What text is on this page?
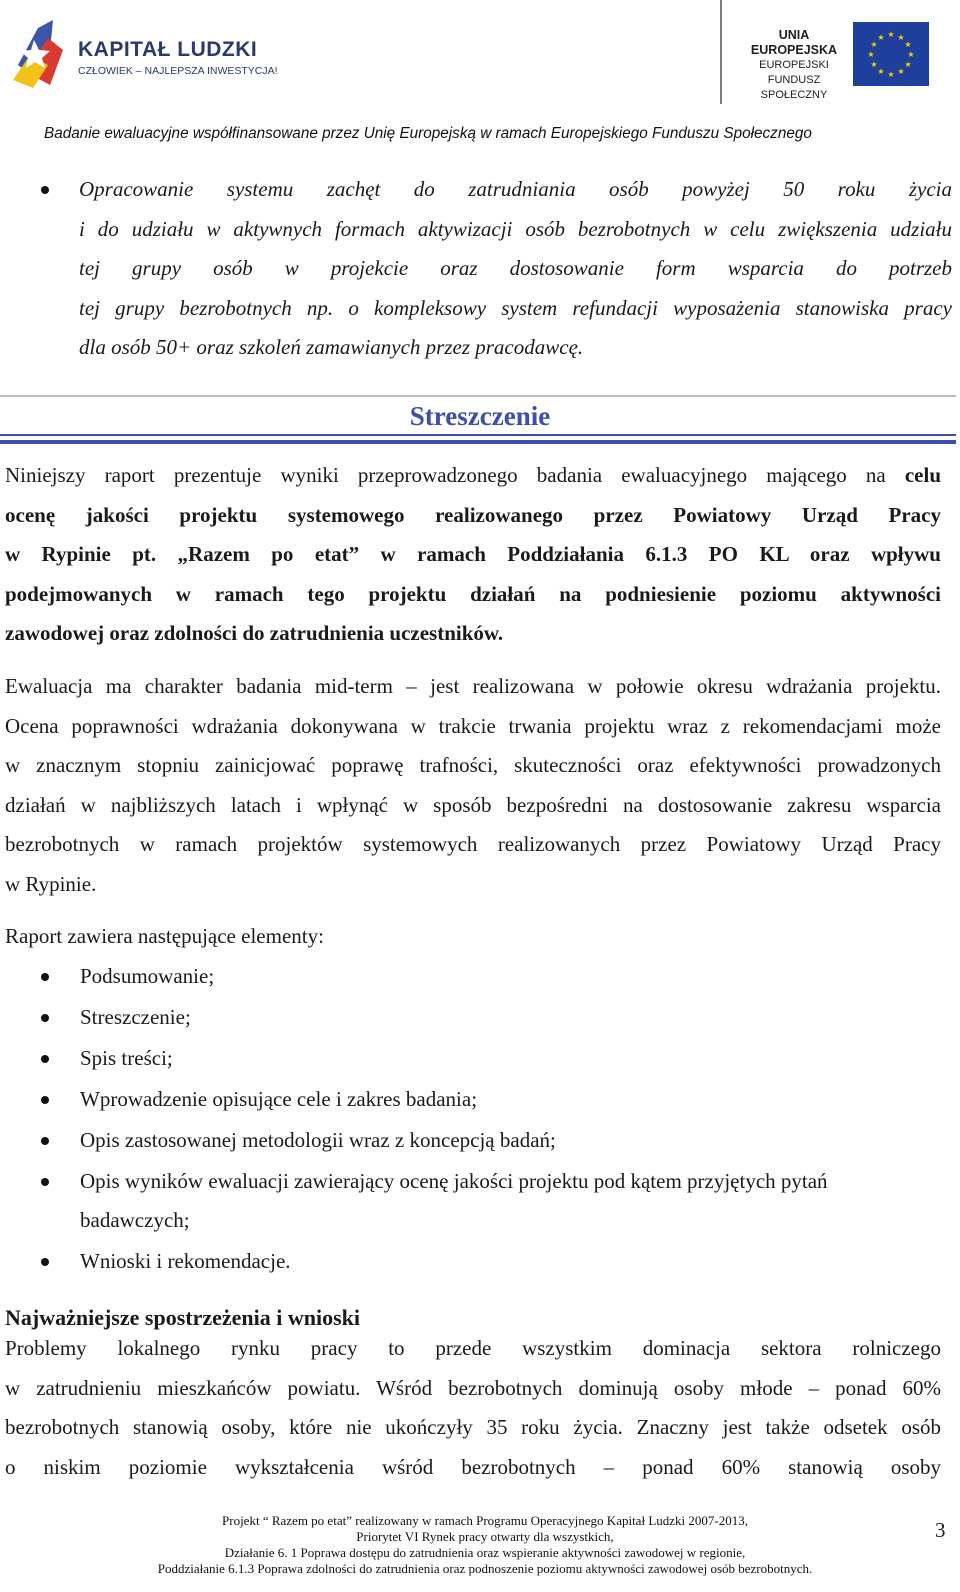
KAPITAŁ LUDZKI
CZŁOWIEK – NAJLEPSZA INWESTYCJA!
UNIA EUROPEJSKA
EUROPEJSKI
FUNDUSZ SPOŁECZNY
★ ★
★
★
★
★
★
★
★
★
★
★
Badanie ewaluacyjne współfinansowane przez Unię Europejską w ramach Europejskiego Funduszu Społecznego
Opracowanie systemu zachęt do zatrudniania osób powyżej 50 roku życia
i do udziału w aktywnych formach aktywizacji osób bezrobotnych w celu zwiększenia udziału
tej grupy osób w projekcie oraz dostosowanie form wsparcia do potrzeb
tej grupy bezrobotnych np. o kompleksowy system refundacji wyposażenia stanowiska pracy
dla osób 50+ oraz szkoleń zamawianych przez pracodawcę.
Streszczenie
Niniejszy raport prezentuje wyniki przeprowadzonego badania ewaluacyjnego mającego na celu
ocenę jakości projektu systemowego realizowanego przez Powiatowy Urząd Pracy
w Rypinie pt. „Razem po etat” w ramach Poddziałania 6.1.3 PO KL oraz wpływu
podejmowanych w ramach tego projektu działań na podniesienie poziomu aktywności
zawodowej oraz zdolności do zatrudnienia uczestników.
Ewaluacja ma charakter badania mid-term – jest realizowana w połowie okresu wdrażania projektu.
Ocena poprawności wdrażania dokonywana w trakcie trwania projektu wraz z rekomendacjami może
w znacznym stopniu zainicjować poprawę trafności, skuteczności oraz efektywności prowadzonych
działań w najbliższych latach i wpłynąć w sposób bezpośredni na dostosowanie zakresu wsparcia
bezrobotnych w ramach projektów systemowych realizowanych przez Powiatowy Urząd Pracy
w Rypinie.
Raport zawiera następujące elementy:
Podsumowanie;
Streszczenie;
Spis treści;
Wprowadzenie opisujące cele i zakres badania;
Opis zastosowanej metodologii wraz z koncepcją badań;
Opis wyników ewaluacji zawierający ocenę jakości projektu pod kątem przyjętych pytań
badawczych;
Wnioski i rekomendacje.
Najważniejsze spostrzeżenia i wnioski
Problemy lokalnego rynku pracy to przede wszystkim dominacja sektora rolniczego
w zatrudnieniu mieszkańców powiatu. Wśród bezrobotnych dominują osoby młode – ponad 60%
bezrobotnych stanowią osoby, które nie ukończyły 35 roku życia. Znaczny jest także odsetek osób
o niskim poziomie wykształcenia wśród bezrobotnych – ponad 60% stanowią osoby
Projekt “ Razem po etat” realizowany w ramach Programu Operacyjnego Kapitał Ludzki 2007-2013,
Priorytet VI Rynek pracy otwarty dla wszystkich,
Działanie 6. 1 Poprawa dostępu do zatrudnienia oraz wspieranie aktywności zawodowej w regionie,
Poddziałanie 6.1.3 Poprawa zdolności do zatrudnienia oraz podnoszenie poziomu aktywności zawodowej osób bezrobotnych.
3
